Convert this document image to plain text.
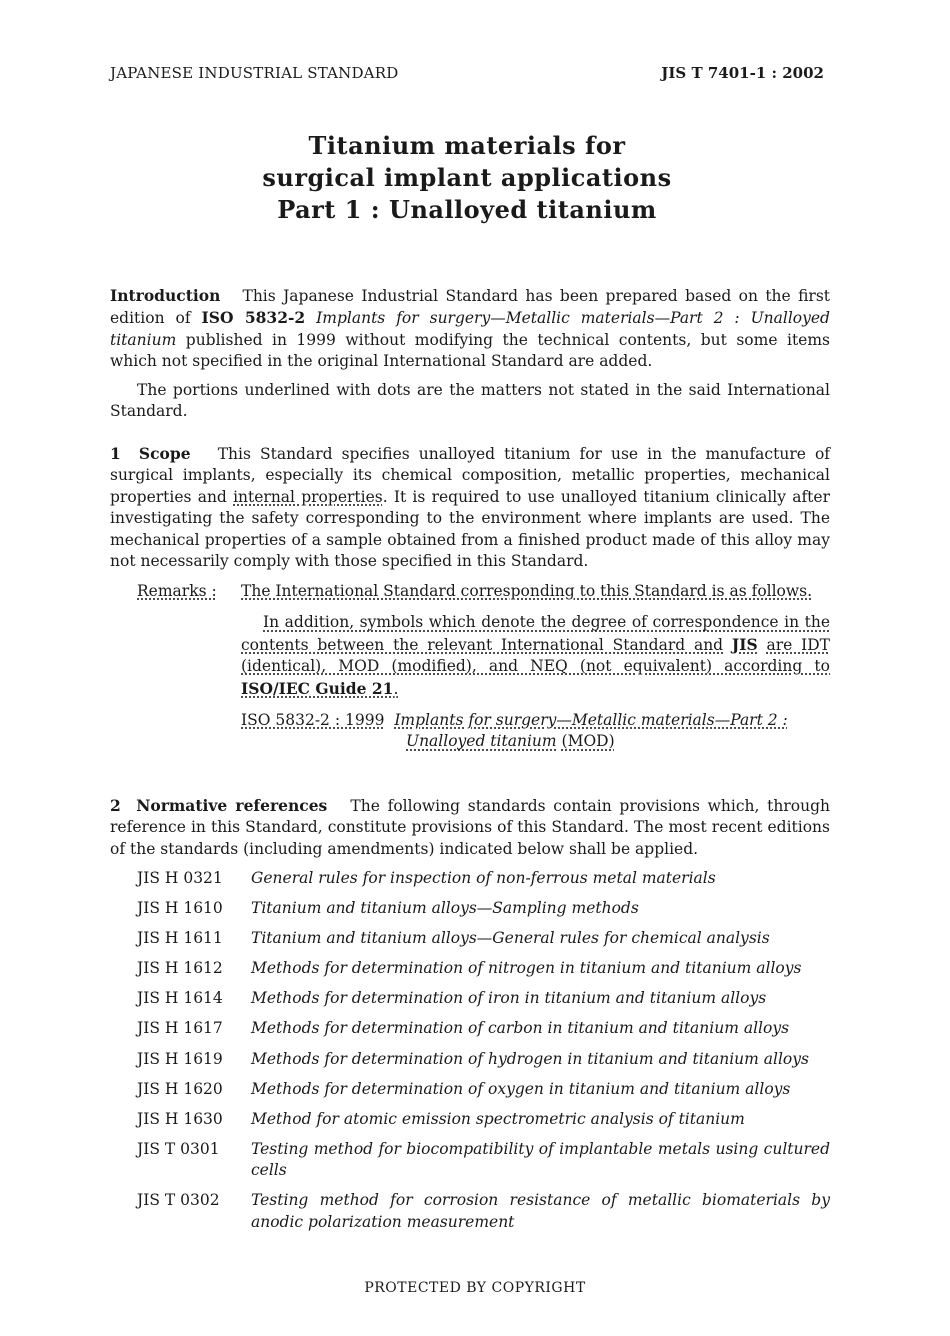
JAPANESE INDUSTRIAL STANDARD	JIS T 7401-1 : 2002
Titanium materials for
surgical implant applications
Part 1 : Unalloyed titanium
Introduction This Japanese Industrial Standard has been prepared based on the first edition of ISO 5832-2 Implants for surgery—Metallic materials—Part 2 : Unalloyed titanium published in 1999 without modifying the technical contents, but some items which not specified in the original International Standard are added.
The portions underlined with dots are the matters not stated in the said International Standard.
1 Scope This Standard specifies unalloyed titanium for use in the manufacture of surgical implants, especially its chemical composition, metallic properties, mechanical properties and internal properties. It is required to use unalloyed titanium clinically after investigating the safety corresponding to the environment where implants are used. The mechanical properties of a sample obtained from a finished product made of this alloy may not necessarily comply with those specified in this Standard.
Remarks : The International Standard corresponding to this Standard is as follows.

In addition, symbols which denote the degree of correspondence in the contents between the relevant International Standard and JIS are IDT (identical), MOD (modified), and NEQ (not equivalent) according to ISO/IEC Guide 21.

ISO 5832-2 : 1999 Implants for surgery—Metallic materials—Part 2 :
Unalloyed titanium (MOD)

2 Normative references The following standards contain provisions which, through reference in this Standard, constitute provisions of this Standard. The most recent editions of the standards (including amendments) indicated below shall be applied.
JIS H 0321	General rules for inspection of non-ferrous metal materials
JIS H 1610	Titanium and titanium alloys—Sampling methods
JIS H 1611	Titanium and titanium alloys—General rules for chemical analysis
JIS H 1612	Methods for determination of nitrogen in titanium and titanium alloys
JIS H 1614	Methods for determination of iron in titanium and titanium alloys
JIS H 1617	Methods for determination of carbon in titanium and titanium alloys
JIS H 1619	Methods for determination of hydrogen in titanium and titanium alloys
JIS H 1620	Methods for determination of oxygen in titanium and titanium alloys
JIS H 1630	Method for atomic emission spectrometric analysis of titanium
JIS T 0301	Testing method for biocompatibility of implantable metals using cultured cells
JIS T 0302	Testing method for corrosion resistance of metallic biomaterials by anodic polarization measurement
PROTECTED BY COPYRIGHT
